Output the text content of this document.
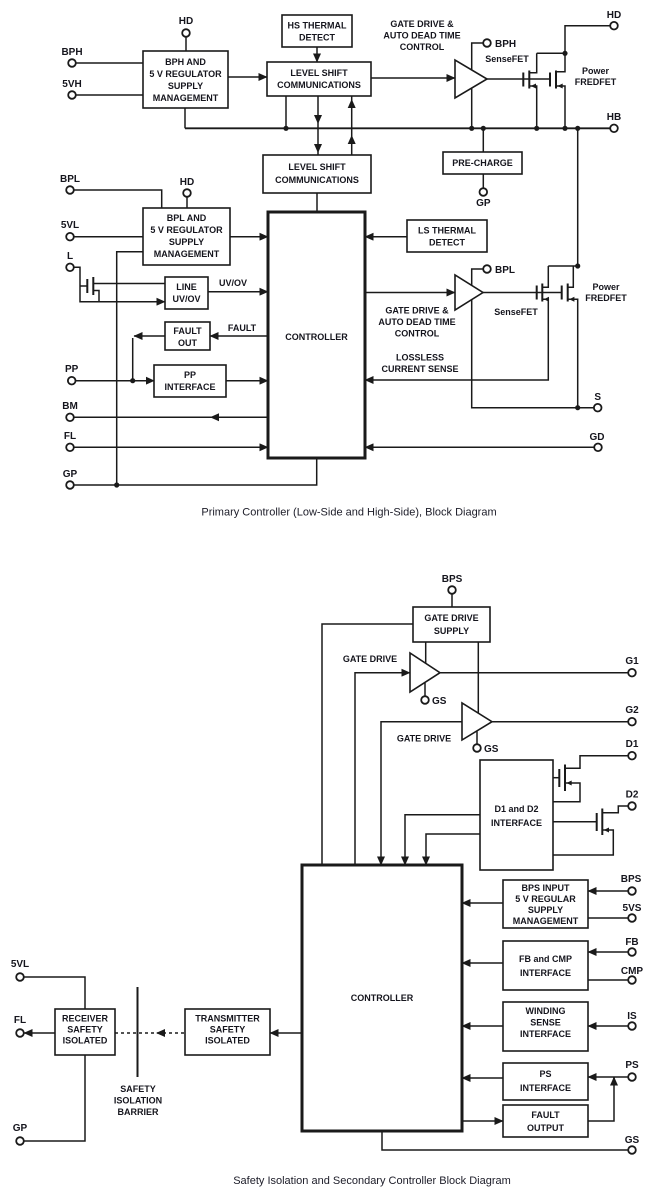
HD
BPH
5VH
BPH AND
5 V REGULATOR
SUPPLY
MANAGEMENT
HS THERMAL
DETECT
LEVEL SHIFT
COMMUNICATIONS
GATE DRIVE &
AUTO DEAD TIME
CONTROL	BPH
SenseFET
Power
FREDFET
HD
HB
PRE-CHARGE
GP
LEVEL SHIFT
COMMUNICATIONS
BPL	HD
BPL AND
5 V REGULATOR
SUPPLY
MANAGEMENT
5VL
L
LS THERMAL
DETECT
CONTROLLER
LINE
UV/OV
UV/OV
FAULT
OUT
FAULT
PP
INTERFACE
PP
BM
FL
GP
GATE DRIVE &
AUTO DEAD TIME
CONTROL
BPL
SenseFET
Power
FREDFET
LOSSLESS
CURRENT SENSE
S
GD
Primary Controller (Low-Side and High-Side), Block Diagram
BPS
GATE DRIVE
SUPPLY
GATE DRIVE
GATE DRIVE
GS
GS
G1
G2
D1
D2
D1 and D2
INTERFACE
BPS INPUT
5 V REGULAR
SUPPLY
MANAGEMENT
BPS
5VS
FB and CMP
INTERFACE
FB
CMP
WINDING
SENSE
INTERFACE
IS
PS
INTERFACE
PS
FAULT
OUTPUT
GS
CONTROLLER
5VL
FL
GP
RECEIVER
SAFETY
ISOLATED
TRANSMITTER
SAFETY
ISOLATED
SAFETY
ISOLATION
BARRIER
Safety Isolation and Secondary Controller Block Diagram
